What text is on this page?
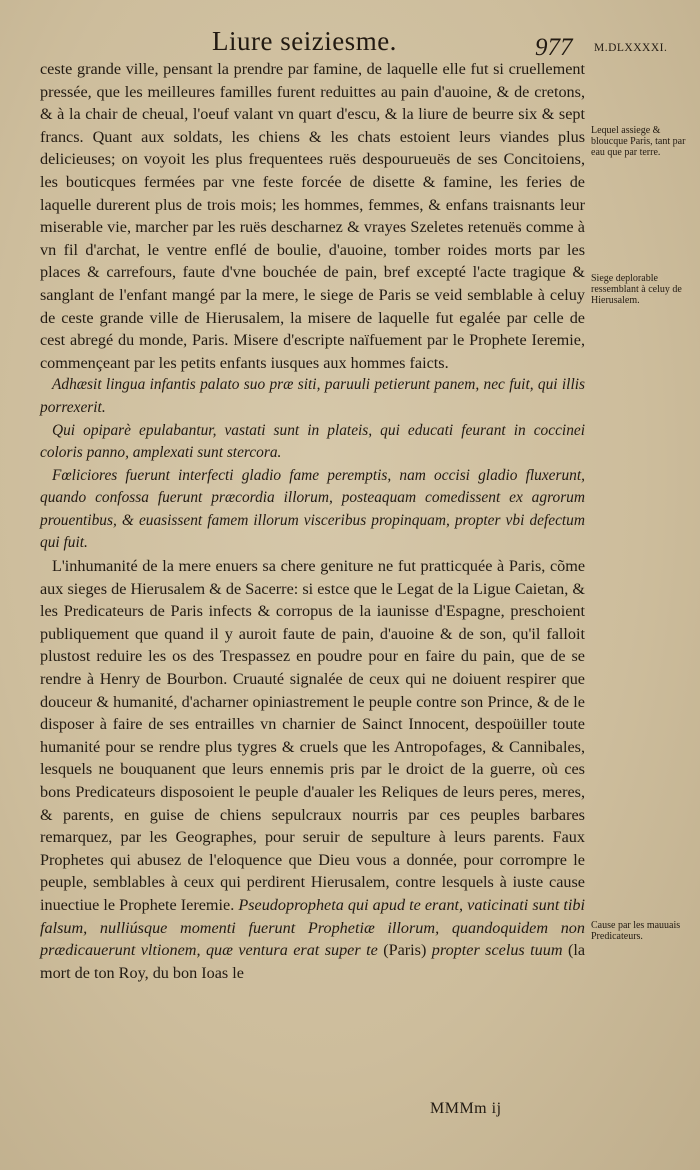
Liure seiziesme.	977 M.DLXXXXI.

ceste grande ville, pensant la prendre par famine, de laquelle elle fut si cruellement pressée, que les meilleures familles furent reduittes au pain d'auoine, & de cretons, & à la chair de cheual, l'oeuf valant vn quart d'escu, & la liure de beurre six & sept francs. Quant aux soldats, les chiens & les chats estoient leurs viandes plus delicieuses; on voyoit les plus frequentees ruës despourueuës de ses Concitoiens, les bouticques fermées par vne feste forcée de disette & famine, les feries de laquelle durerent plus de trois mois; les hommes, femmes, & enfans traisnants leur miserable vie, marcher par les ruës descharnez & vrayes Szeletes retenuës comme à vn fil d'archat, le ventre enflé de boulie, d'auoine, tomber roides morts par les places & carrefours, faute d'vne bouchée de pain, bref excepté l'acte tragique & sanglant de l'enfant mangé par la mere, le siege de Paris se veid semblable à celuy de ceste grande ville de Hierusalem, la misere de laquelle fut egalée par celle de cest abregé du monde, Paris. Misere d'escripte naïfuement par le Prophete Ieremie, commençeant par les petits enfants iusques aux hommes faicts.

Adhæsit lingua infantis palato suo præ siti, paruuli petierunt panem, nec fuit, qui illis porrexerit.

Qui opiparè epulabantur, vastati sunt in plateis, qui educati feurant in coccinei coloris panno, amplexati sunt stercora.

Fœliciores fuerunt interfecti gladio fame peremptis, nam occisi gladio fluxerunt, quando confossa fuerunt præcordia illorum, posteaquam comedissent ex agrorum prouentibus, & euasissent famem illorum visceribus propinquam, propter vbi defectum qui fuit.

L'inhumanité de la mere enuers sa chere geniture ne fut pratticquée à Paris, cõme aux sieges de Hierusalem & de Sacerre: si estce que le Legat de la Ligue Caietan, & les Predicateurs de Paris infects & corropus de la iaunisse d'Espagne, preschoient publiquement que quand il y auroit faute de pain, d'auoine & de son, qu'il falloit plustost reduire les os des Trespassez en poudre pour en faire du pain, que de se rendre à Henry de Bourbon. Cruauté signalée de ceux qui ne doiuent respirer que douceur & humanité, d'acharner opiniastrement le peuple contre son Prince, & de le disposer à faire de ses entrailles vn charnier de Sainct Innocent, despoüiller toute humanité pour se rendre plus tygres & cruels que les Antropofages, & Cannibales, lesquels ne bouquanent que leurs ennemis pris par le droict de la guerre, où ces bons Predicateurs disposoient le peuple d'aualer les Reliques de leurs peres, meres, & parents, en guise de chiens sepulcraux nourris par ces peuples barbares remarquez, par les Geographes, pour seruir de sepulture à leurs parents. Faux Prophetes qui abusez de l'eloquence que Dieu vous a donnée, pour corrompre le peuple, semblables à ceux qui perdirent Hierusalem, contre lesquels à iuste cause inuectiue le Prophete Ieremie. Pseudopropheta qui apud te erant, vaticinati sunt tibi falsum, nulliúsque momenti fuerunt Prophetiæ illorum, quandoquidem non prædicauerunt vltionem, quæ ventura erat super te (Paris) propter scelus tuum (la mort de ton Roy, du bon Ioas le

Lequel assiege & bloucque Paris, tant par eau que par terre.
Siege deplorable ressemblant à celuy de Hierusalem.
Cause par les mauuais Predicateurs.
MMMm ij
